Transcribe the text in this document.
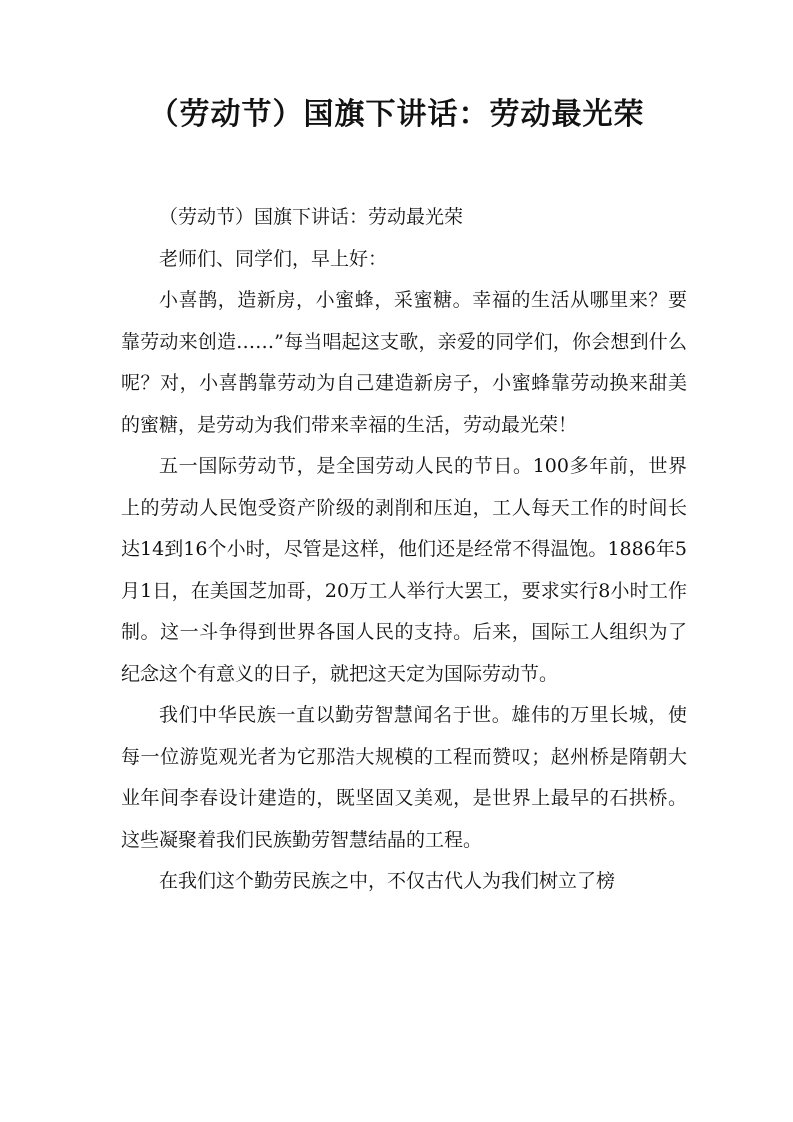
（劳动节）国旗下讲话：劳动最光荣

（劳动节）国旗下讲话：劳动最光荣

老师们、同学们，早上好：

小喜鹊，造新房，小蜜蜂，采蜜糖。幸福的生活从哪里来？要靠劳动来创造……”每当唱起这支歌，亲爱的同学们，你会想到什么呢？对，小喜鹊靠劳动为自己建造新房子，小蜜蜂靠劳动换来甜美的蜜糖，是劳动为我们带来幸福的生活，劳动最光荣！

五一国际劳动节，是全国劳动人民的节日。100多年前，世界上的劳动人民饱受资产阶级的剥削和压迫，工人每天工作的时间长达14到16个小时，尽管是这样，他们还是经常不得温饱。1886年5月1日，在美国芝加哥，20万工人举行大罢工，要求实行8小时工作制。这一斗争得到世界各国人民的支持。后来，国际工人组织为了纪念这个有意义的日子，就把这天定为国际劳动节。

我们中华民族一直以勤劳智慧闻名于世。雄伟的万里长城，使每一位游览观光者为它那浩大规模的工程而赞叹；赵州桥是隋朝大业年间李春设计建造的，既坚固又美观，是世界上最早的石拱桥。这些凝聚着我们民族勤劳智慧结晶的工程。

在我们这个勤劳民族之中，不仅古代人为我们树立了榜
